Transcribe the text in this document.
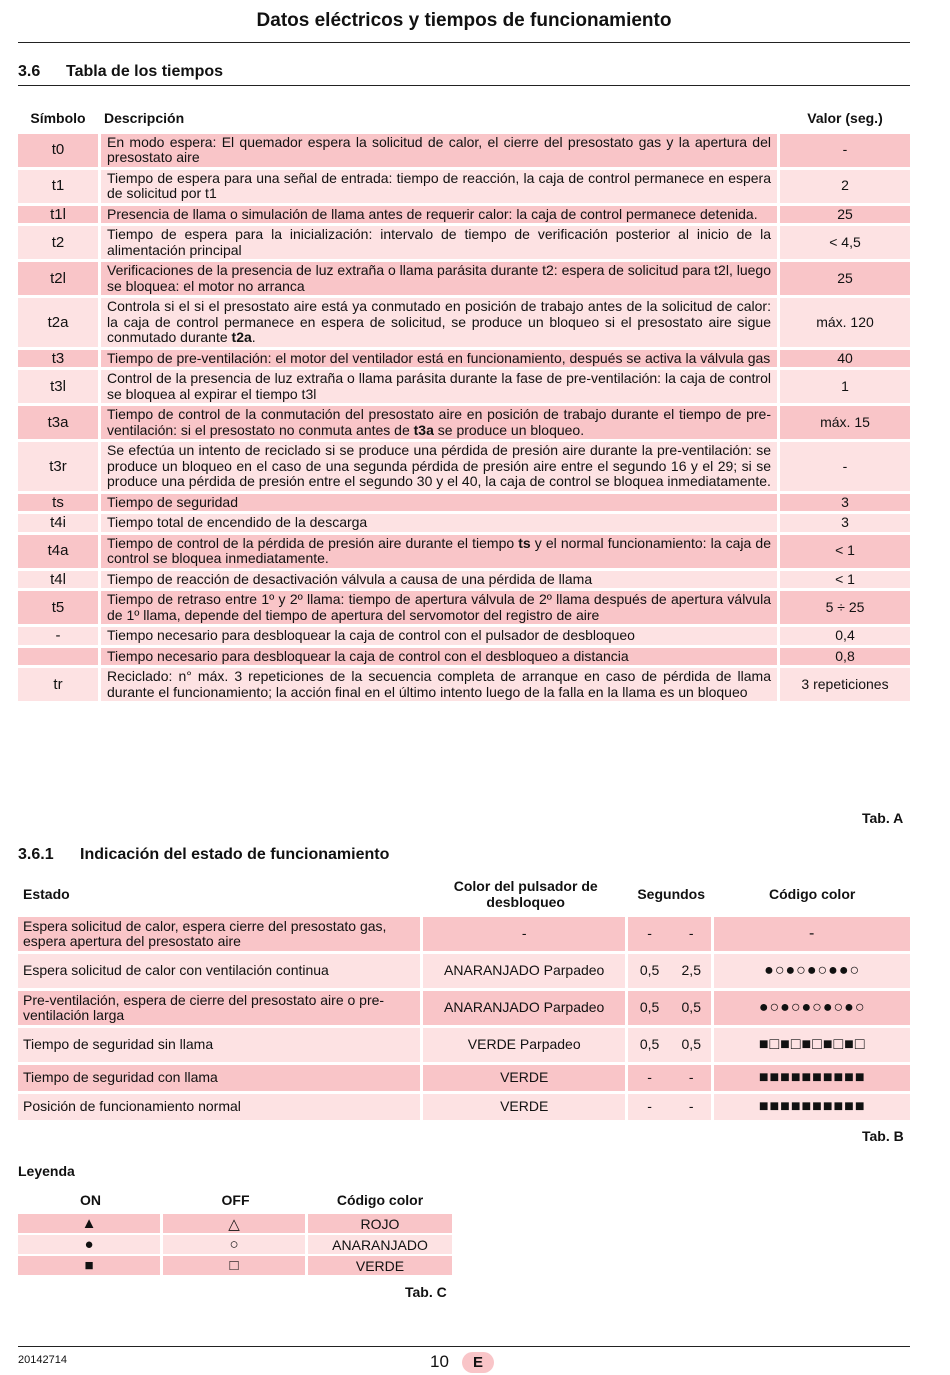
Datos eléctricos y tiempos de funcionamiento
3.6 Tabla de los tiempos
Símbolo	Descripción	Valor (seg.)
t0	En modo espera: El quemador espera la solicitud de calor, el cierre del presostato gas y la apertura del presostato aire	-
t1	Tiempo de espera para una señal de entrada: tiempo de reacción, la caja de control permanece en espera de solicitud por t1	2
t1l	Presencia de llama o simulación de llama antes de requerir calor: la caja de control permanece detenida.	25
t2	Tiempo de espera para la inicialización: intervalo de tiempo de verificación posterior al inicio de la alimentación principal	< 4,5
t2l	Verificaciones de la presencia de luz extraña o llama parásita durante t2: espera de solicitud para t2l, luego se bloquea: el motor no arranca	25
t2a	Controla si el si el presostato aire está ya conmutado en posición de trabajo antes de la solicitud de calor: la caja de control permanece en espera de solicitud, se produce un bloqueo si el presostato aire sigue conmutado durante t2a.	máx. 120
t3	Tiempo de pre-ventilación: el motor del ventilador está en funcionamiento, después se activa la válvula gas	40
t3l	Control de la presencia de luz extraña o llama parásita durante la fase de pre-ventilación: la caja de control se bloquea al expirar el tiempo t3l	1
t3a	Tiempo de control de la conmutación del presostato aire en posición de trabajo durante el tiempo de pre-ventilación: si el presostato no conmuta antes de t3a se produce un bloqueo.	máx. 15
t3r	Se efectúa un intento de reciclado si se produce una pérdida de presión aire durante la pre-ventilación: se produce un bloqueo en el caso de una segunda pérdida de presión aire entre el segundo 16 y el 29; si se produce una pérdida de presión entre el segundo 30 y el 40, la caja de control se bloquea inmediatamente.	-
ts	Tiempo de seguridad	3
t4i	Tiempo total de encendido de la descarga	3
t4a	Tiempo de control de la pérdida de presión aire durante el tiempo ts y el normal funcionamiento: la caja de control se bloquea inmediatamente.	< 1
t4l	Tiempo de reacción de desactivación válvula a causa de una pérdida de llama	< 1
t5	Tiempo de retraso entre 1º y 2º llama: tiempo de apertura válvula de 2º llama después de apertura válvula de 1º llama, depende del tiempo de apertura del servomotor del registro de aire	5 ÷ 25
-	Tiempo necesario para desbloquear la caja de control con el pulsador de desbloqueo	0,4
	Tiempo necesario para desbloquear la caja de control con el desbloqueo a distancia	0,8
tr	Reciclado: n° máx. 3 repeticiones de la secuencia completa de arranque en caso de pérdida de llama durante el funcionamiento; la acción final en el último intento luego de la falla en la llama es un bloqueo	3 repeticiones
Tab. A
3.6.1 Indicación del estado de funcionamiento
Estado	Color del pulsador de desbloqueo	Segundos		Código color
Espera solicitud de calor, espera cierre del presostato gas, espera apertura del presostato aire	-	-	-	-
Espera solicitud de calor con ventilación continua	ANARANJADO Parpadeo	0,5	2,5	●○●○●○●●○
Pre-ventilación, espera de cierre del presostato aire o pre-ventilación larga	ANARANJADO Parpadeo	0,5	0,5	●○●○●○●○●○
Tiempo de seguridad sin llama	VERDE Parpadeo	0,5	0,5	■□■□■□■□■□
Tiempo de seguridad con llama	VERDE	-	-	■■■■■■■■■■
Posición de funcionamiento normal	VERDE	-	-	■■■■■■■■■■
Tab. B
Leyenda
ON	OFF	Código color
▲	△	ROJO
●	○	ANARANJADO
■	□	VERDE
Tab. C
20142714	10	E
